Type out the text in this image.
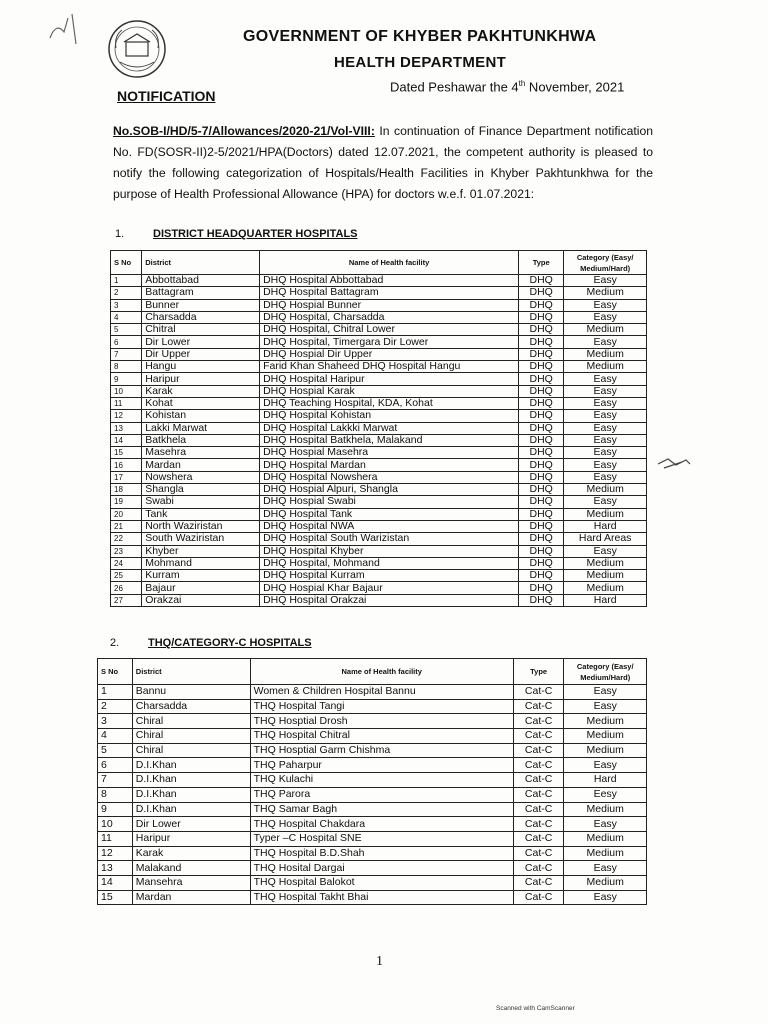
GOVERNMENT OF KHYBER PAKHTUNKHWA
HEALTH DEPARTMENT
Dated Peshawar the 4th November, 2021
NOTIFICATION
No.SOB-I/HD/5-7/Allowances/2020-21/Vol-VIII: In continuation of Finance Department notification No. FD(SOSR-II)2-5/2021/HPA(Doctors) dated 12.07.2021, the competent authority is pleased to notify the following categorization of Hospitals/Health Facilities in Khyber Pakhtunkhwa for the purpose of Health Professional Allowance (HPA) for doctors w.e.f. 01.07.2021:
1.	DISTRICT HEADQUARTER HOSPITALS
S No	District	Name of Health facility	Type	Category (Easy/ Medium/Hard)
1	Abbottabad	DHQ Hospital Abbottabad	DHQ	Easy
2	Battagram	DHQ Hospital Battagram	DHQ	Medium
3	Bunner	DHQ Hospial Bunner	DHQ	Easy
4	Charsadda	DHQ Hospital, Charsadda	DHQ	Easy
5	Chitral	DHQ Hospital, Chitral Lower	DHQ	Medium
6	Dir Lower	DHQ Hospital, Timergara Dir Lower	DHQ	Easy
7	Dir Upper	DHQ Hospial Dir Upper	DHQ	Medium
8	Hangu	Farid Khan Shaheed DHQ Hospital Hangu	DHQ	Medium
9	Haripur	DHQ Hospital Haripur	DHQ	Easy
10	Karak	DHQ Hospial Karak	DHQ	Easy
11	Kohat	DHQ Teaching Hospital, KDA, Kohat	DHQ	Easy
12	Kohistan	DHQ Hospital Kohistan	DHQ	Easy
13	Lakki Marwat	DHQ Hospital Lakkki Marwat	DHQ	Easy
14	Batkhela	DHQ Hospital Batkhela, Malakand	DHQ	Easy
15	Masehra	DHQ Hospial Masehra	DHQ	Easy
16	Mardan	DHQ Hospital Mardan	DHQ	Easy
17	Nowshera	DHQ Hospital Nowshera	DHQ	Easy
18	Shangla	DHQ Hospial Alpuri, Shangla	DHQ	Medium
19	Swabi	DHQ Hospial Swabi	DHQ	Easy
20	Tank	DHQ Hospital Tank	DHQ	Medium
21	North Waziristan	DHQ Hospital NWA	DHQ	Hard
22	South Waziristan	DHQ Hospital South Warizistan	DHQ	Hard Areas
23	Khyber	DHQ Hospital Khyber	DHQ	Easy
24	Mohmand	DHQ Hospital, Mohmand	DHQ	Medium
25	Kurram	DHQ Hospital Kurram	DHQ	Medium
26	Bajaur	DHQ Hospial Khar Bajaur	DHQ	Medium
27	Orakzai	DHQ Hospital Orakzai	DHQ	Hard
2.	THQ/CATEGORY-C HOSPITALS
S No	District	Name of Health facility	Type	Category (Easy/ Medium/Hard)
1	Bannu	Women & Children Hospital Bannu	Cat-C	Easy
2	Charsadda	THQ Hospital Tangi	Cat-C	Easy
3	Chiral	THQ Hosptial Drosh	Cat-C	Medium
4	Chiral	THQ Hospital Chitral	Cat-C	Medium
5	Chiral	THQ Hosptial Garm Chishma	Cat-C	Medium
6	D.I.Khan	THQ Paharpur	Cat-C	Easy
7	D.I.Khan	THQ Kulachi	Cat-C	Hard
8	D.I.Khan	THQ Parora	Cat-C	Eesy
9	D.I.Khan	THQ Samar Bagh	Cat-C	Medium
10	Dir Lower	THQ Hospital Chakdara	Cat-C	Easy
11	Haripur	Typer –C Hospital SNE	Cat-C	Medium
12	Karak	THQ Hospital B.D.Shah	Cat-C	Medium
13	Malakand	THQ Hosital Dargai	Cat-C	Easy
14	Mansehra	THQ Hospital Balokot	Cat-C	Medium
15	Mardan	THQ Hospital Takht Bhai	Cat-C	Easy
1
Scanned with CamScanner
